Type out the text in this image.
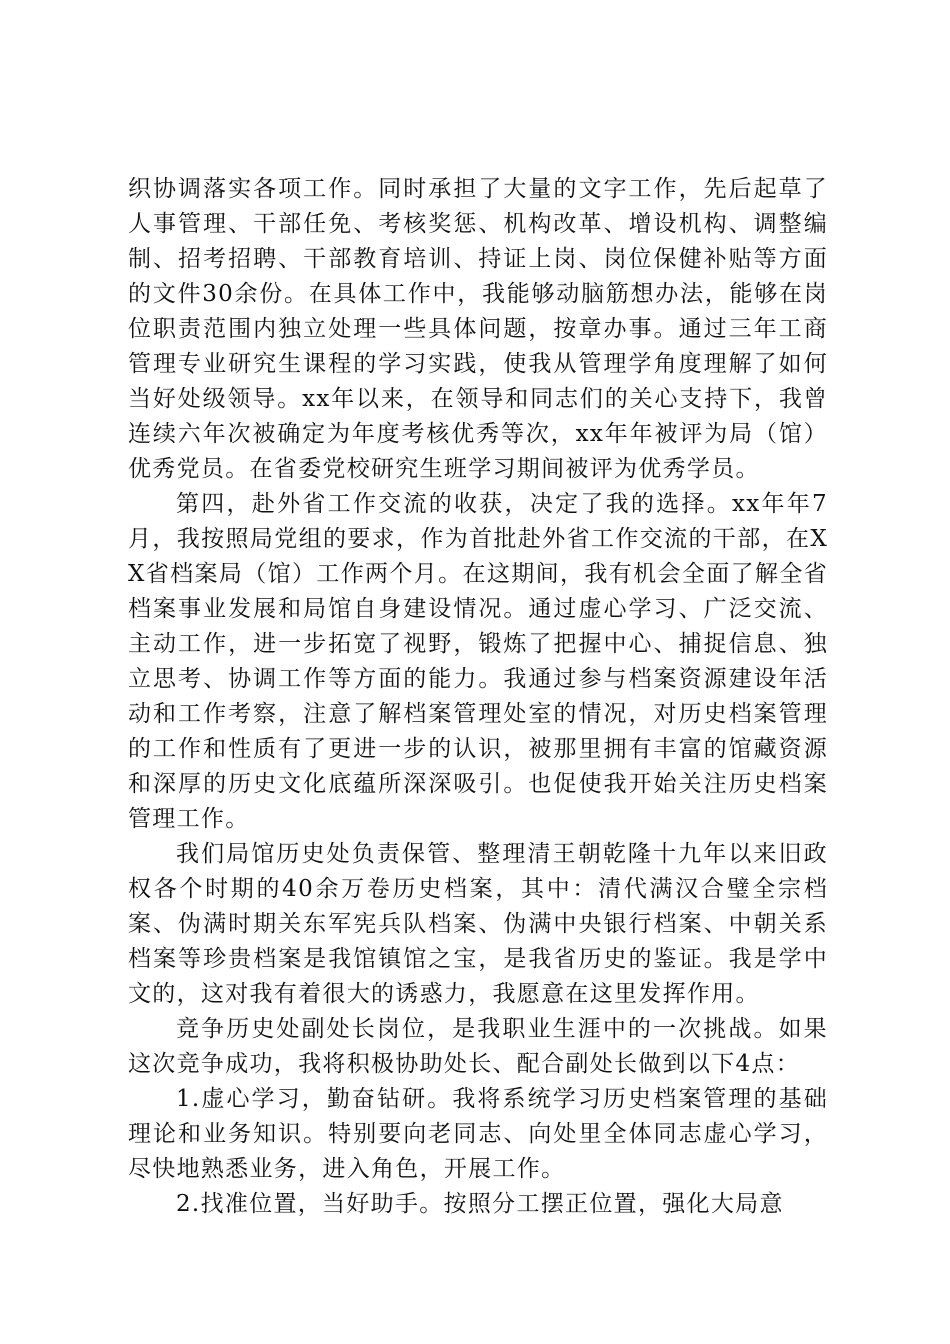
织协调落实各项工作。同时承担了大量的文字工作，先后起草了人事管理、干部任免、考核奖惩、机构改革、增设机构、调整编制、招考招聘、干部教育培训、持证上岗、岗位保健补贴等方面的文件30余份。在具体工作中，我能够动脑筋想办法，能够在岗位职责范围内独立处理一些具体问题，按章办事。通过三年工商管理专业研究生课程的学习实践，使我从管理学角度理解了如何当好处级领导。xx年以来，在领导和同志们的关心支持下，我曾连续六年次被确定为年度考核优秀等次，xx年年被评为局（馆）优秀党员。在省委党校研究生班学习期间被评为优秀学员。

第四，赴外省工作交流的收获，决定了我的选择。xx年年7月，我按照局党组的要求，作为首批赴外省工作交流的干部，在XX省档案局（馆）工作两个月。在这期间，我有机会全面了解全省档案事业发展和局馆自身建设情况。通过虚心学习、广泛交流、主动工作，进一步拓宽了视野，锻炼了把握中心、捕捉信息、独立思考、协调工作等方面的能力。我通过参与档案资源建设年活动和工作考察，注意了解档案管理处室的情况，对历史档案管理的工作和性质有了更进一步的认识，被那里拥有丰富的馆藏资源和深厚的历史文化底蕴所深深吸引。也促使我开始关注历史档案管理工作。

我们局馆历史处负责保管、整理清王朝乾隆十九年以来旧政权各个时期的40余万卷历史档案，其中：清代满汉合璧全宗档案、伪满时期关东军宪兵队档案、伪满中央银行档案、中朝关系档案等珍贵档案是我馆镇馆之宝，是我省历史的鉴证。我是学中文的，这对我有着很大的诱惑力，我愿意在这里发挥作用。

竞争历史处副处长岗位，是我职业生涯中的一次挑战。如果这次竞争成功，我将积极协助处长、配合副处长做到以下4点：

1.虚心学习，勤奋钻研。我将系统学习历史档案管理的基础理论和业务知识。特别要向老同志、向处里全体同志虚心学习，尽快地熟悉业务，进入角色，开展工作。

2.找准位置，当好助手。按照分工摆正位置，强化大局意
